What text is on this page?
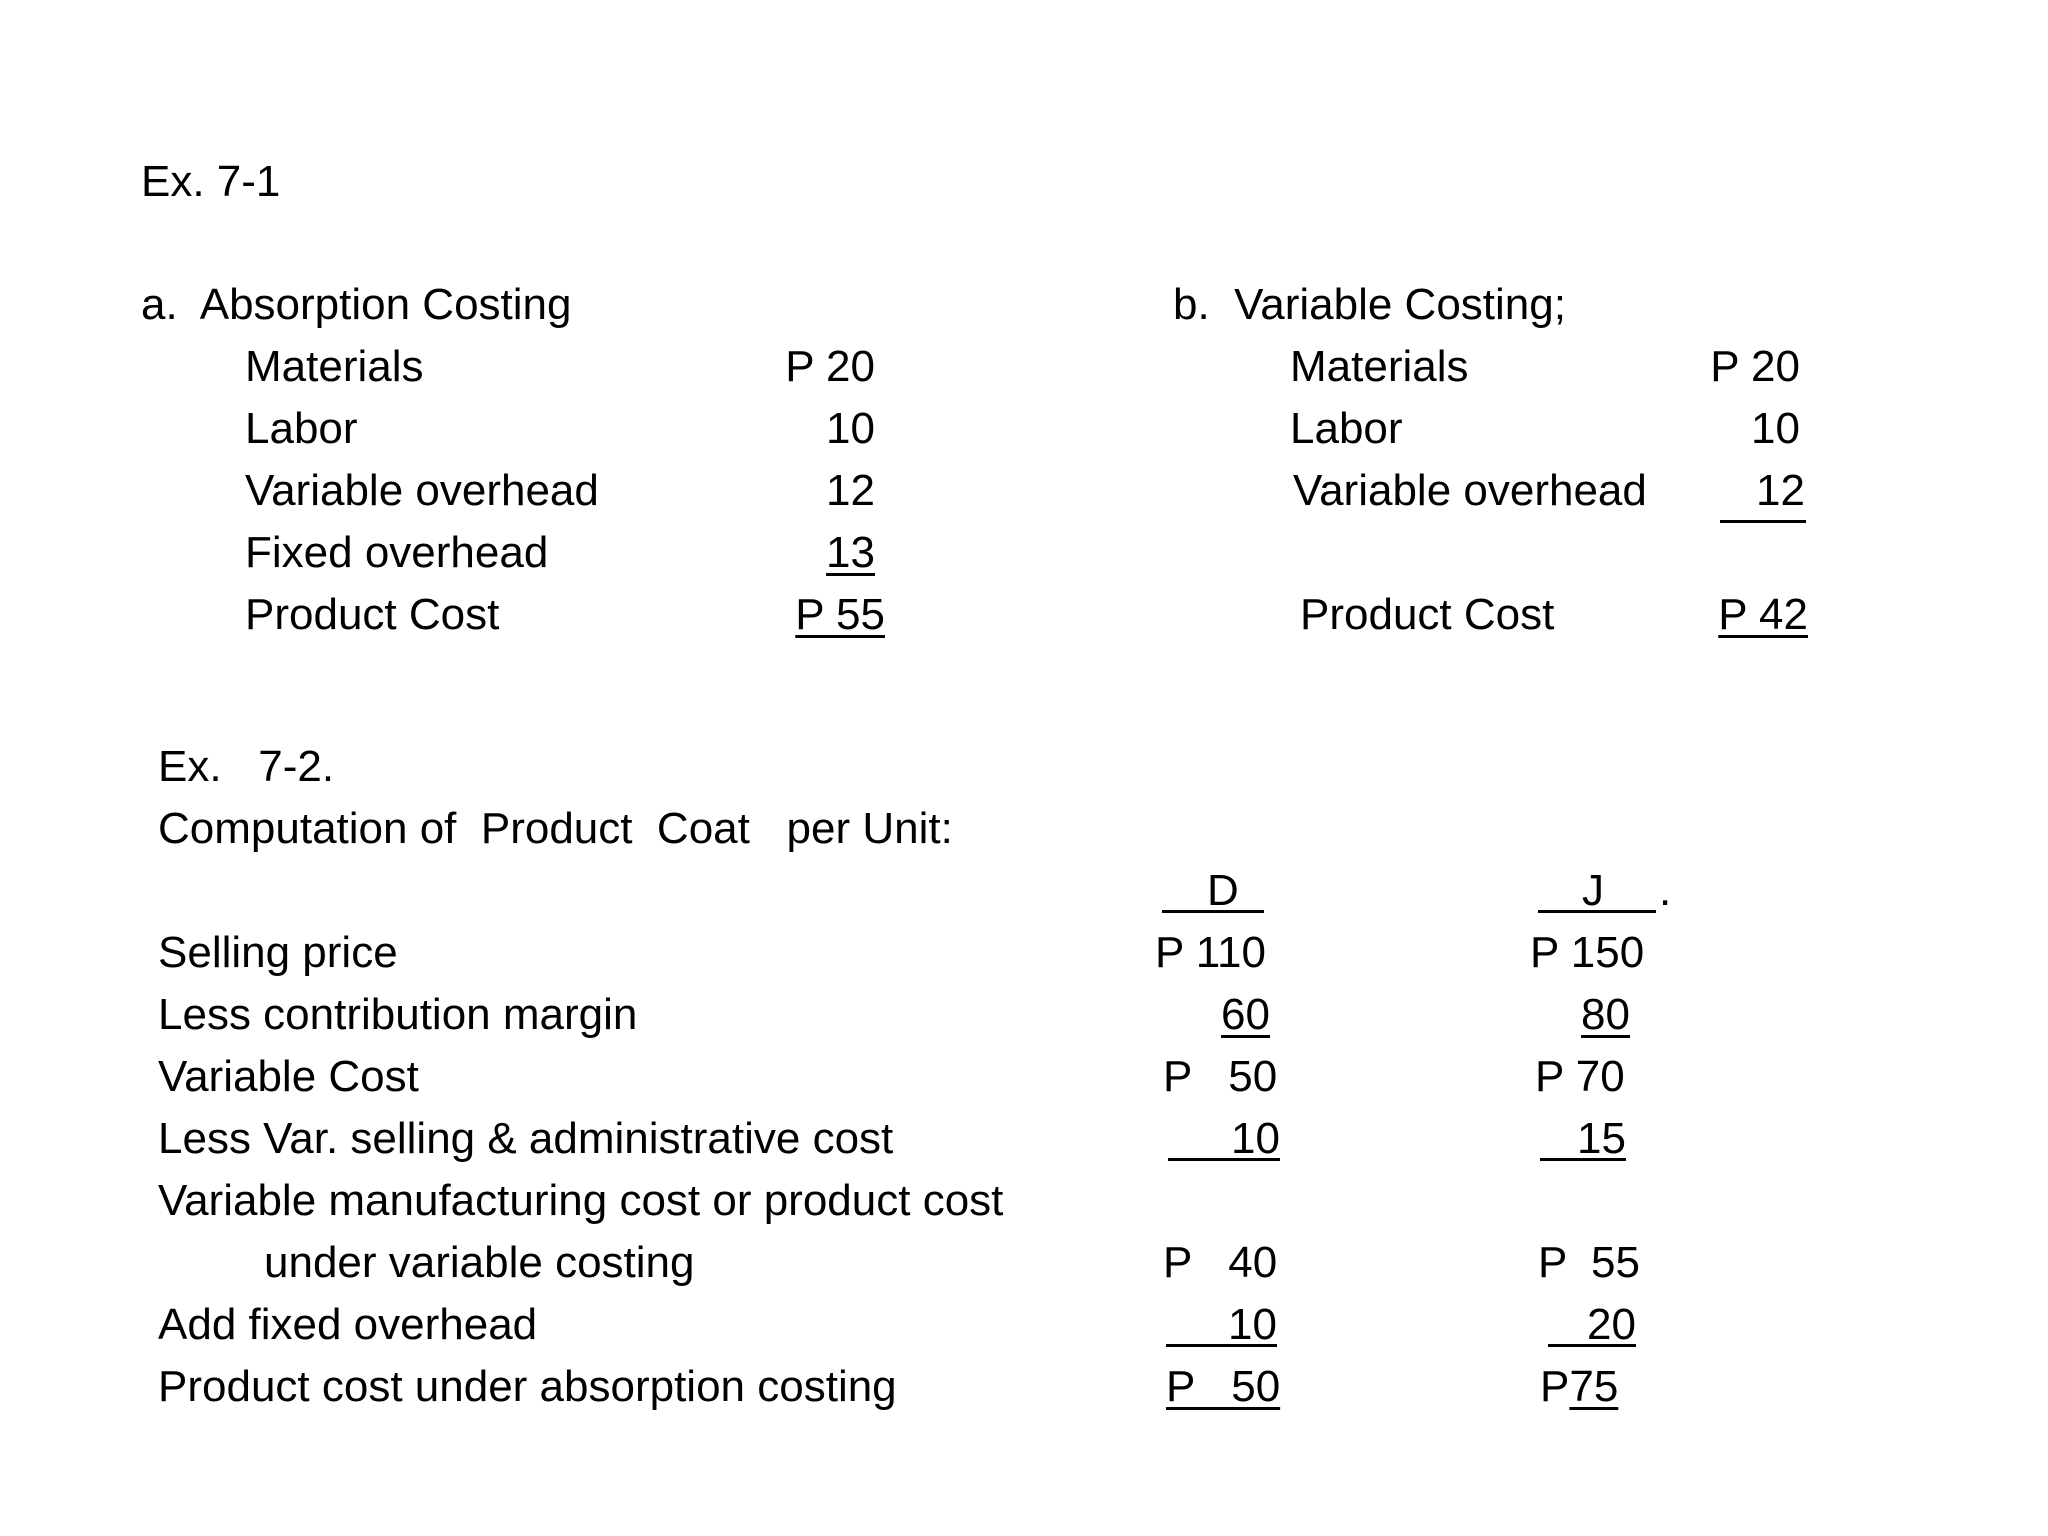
Ex. 7-1
a.  Absorption Costing
Materials	P 20
Labor	10
Variable overhead	12
Fixed overhead	13
Product Cost	P 55
b.  Variable Costing;
Materials	P 20
Labor	10
Variable overhead	12
Product Cost	P 42
Ex.   7-2.
Computation of  Product  Coat   per Unit:
D	J .
Selling price	P 110	P 150
Less contribution margin	60	80
Variable Cost	P   50	P 70
Less Var. selling & administrative cost	10	15
Variable manufacturing cost or product cost
under variable costing	P   40	P  55
Add fixed overhead	10	20
Product cost under absorption costing	P   50	P75
